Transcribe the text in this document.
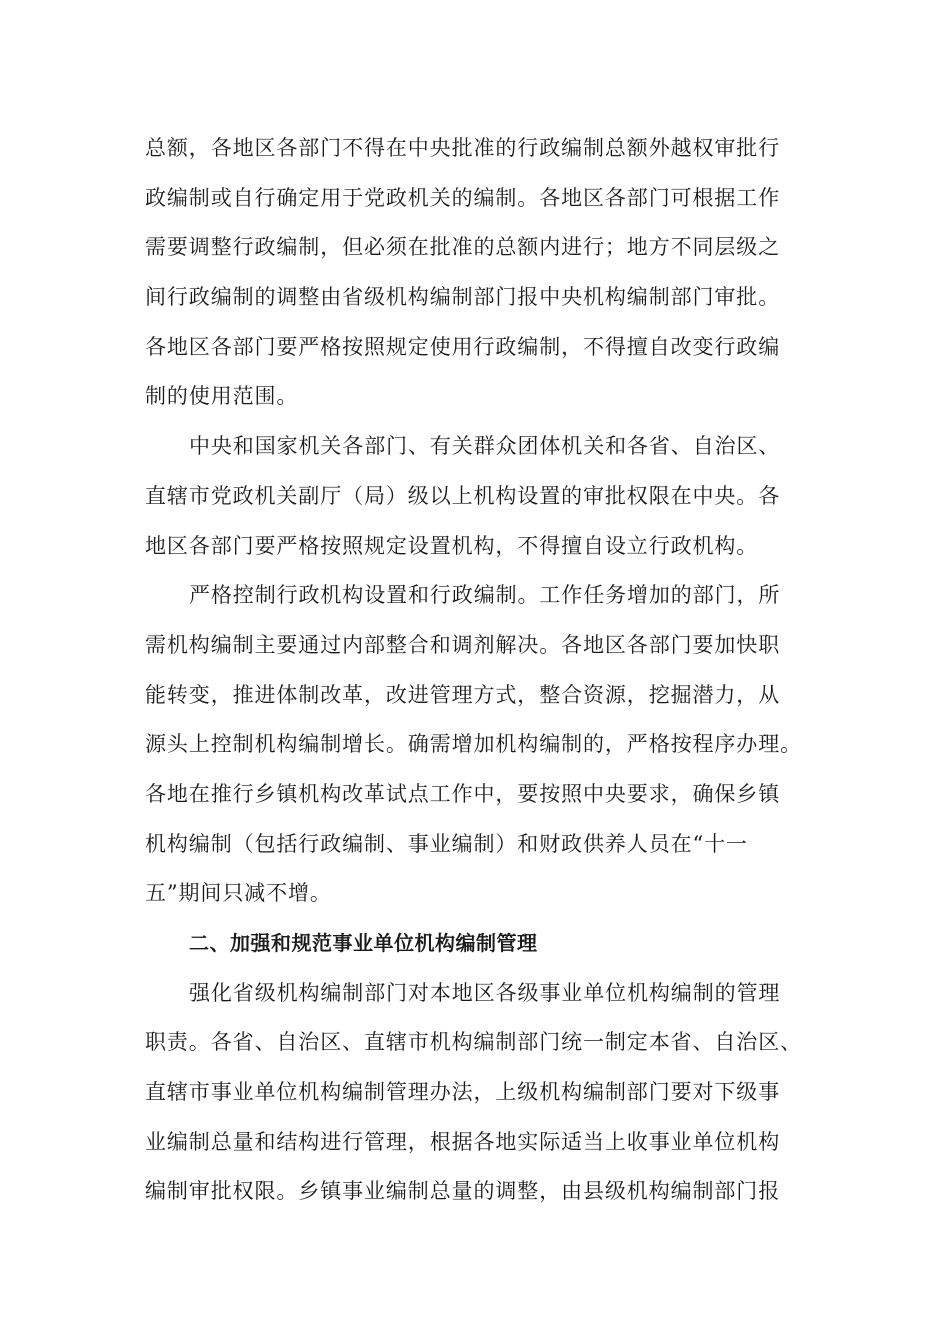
总额，各地区各部门不得在中央批准的行政编制总额外越权审批行
政编制或自行确定用于党政机关的编制。各地区各部门可根据工作
需要调整行政编制，但必须在批准的总额内进行；地方不同层级之
间行政编制的调整由省级机构编制部门报中央机构编制部门审批。
各地区各部门要严格按照规定使用行政编制，不得擅自改变行政编
制的使用范围。
中央和国家机关各部门、有关群众团体机关和各省、自治区、
直辖市党政机关副厅（局）级以上机构设置的审批权限在中央。各
地区各部门要严格按照规定设置机构，不得擅自设立行政机构。
严格控制行政机构设置和行政编制。工作任务增加的部门，所
需机构编制主要通过内部整合和调剂解决。各地区各部门要加快职
能转变，推进体制改革，改进管理方式，整合资源，挖掘潜力，从
源头上控制机构编制增长。确需增加机构编制的，严格按程序办理。
各地在推行乡镇机构改革试点工作中，要按照中央要求，确保乡镇
机构编制（包括行政编制、事业编制）和财政供养人员在“十一
五”期间只减不增。
二、加强和规范事业单位机构编制管理
强化省级机构编制部门对本地区各级事业单位机构编制的管理
职责。各省、自治区、直辖市机构编制部门统一制定本省、自治区、
直辖市事业单位机构编制管理办法，上级机构编制部门要对下级事
业编制总量和结构进行管理，根据各地实际适当上收事业单位机构
编制审批权限。乡镇事业编制总量的调整，由县级机构编制部门报
